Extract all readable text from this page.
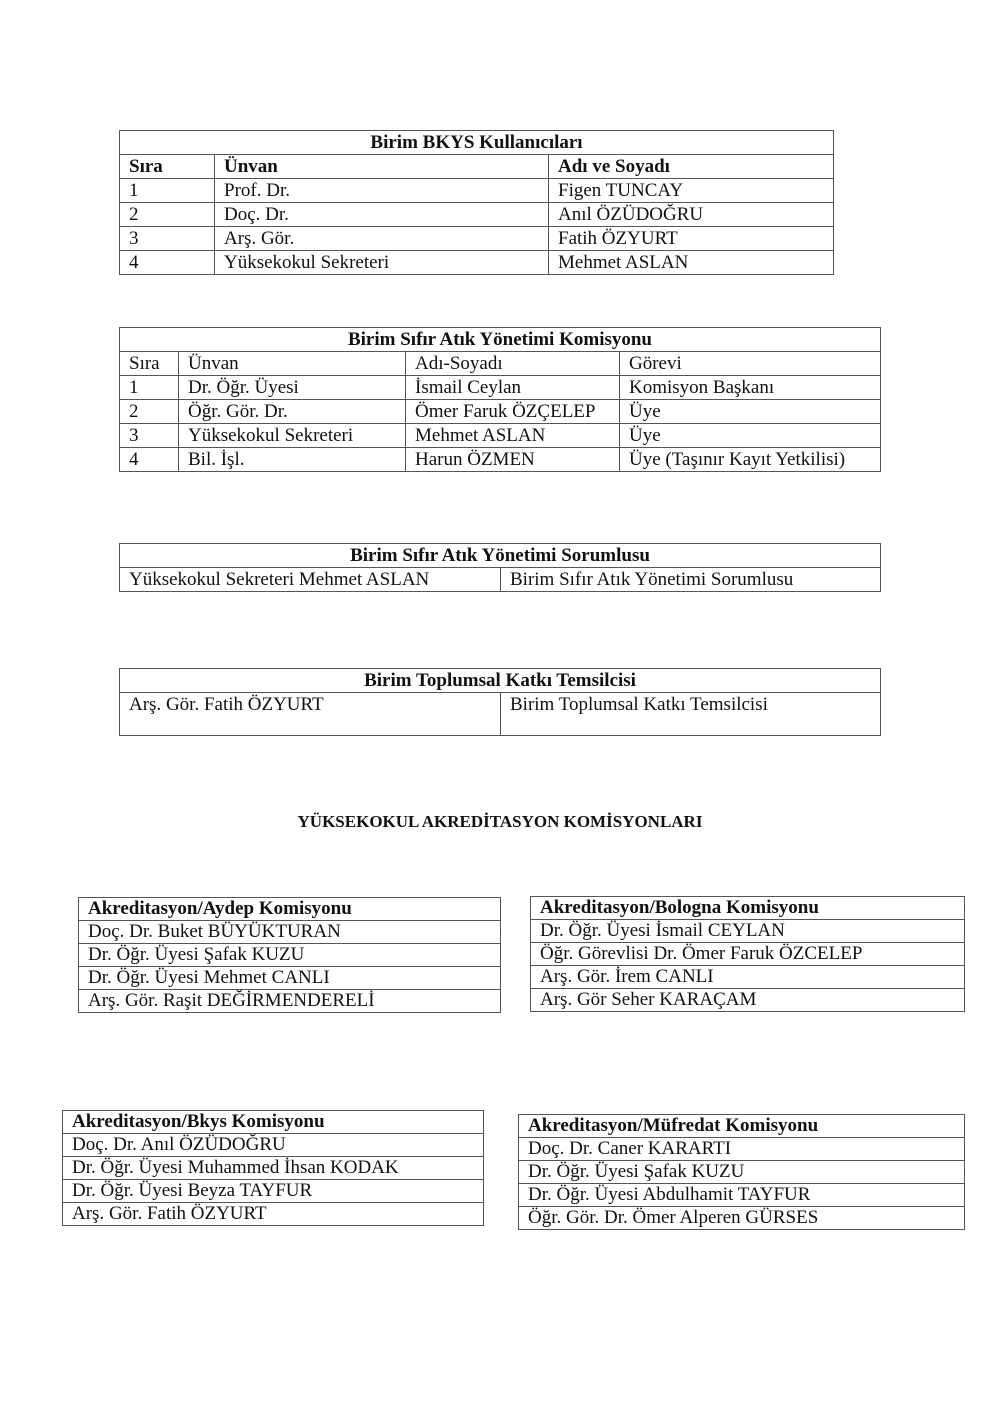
Birim BKYS Kullanıcıları		
Sıra	Ünvan	Adı ve Soyadı
1	Prof. Dr.	Figen TUNCAY
2	Doç. Dr.	Anıl ÖZÜDOĞRU
3	Arş. Gör.	Fatih ÖZYURT
4	Yüksekokul Sekreteri	Mehmet ASLAN
Birim Sıfır Atık Yönetimi Komisyonu			
Sıra	Ünvan	Adı-Soyadı	Görevi
1	Dr. Öğr. Üyesi	İsmail Ceylan	Komisyon Başkanı
2	Öğr. Gör. Dr.	Ömer Faruk ÖZÇELEP	Üye
3	Yüksekokul Sekreteri	Mehmet ASLAN	Üye
4	Bil. İşl.	Harun ÖZMEN	Üye (Taşınır Kayıt Yetkilisi)
Birim Sıfır Atık Yönetimi Sorumlusu
Yüksekokul Sekreteri Mehmet ASLAN	Birim Sıfır Atık Yönetimi Sorumlusu
Birim Toplumsal Katkı Temsilcisi
Arş. Gör. Fatih ÖZYURT	Birim Toplumsal Katkı Temsilcisi
YÜKSEKOKUL AKREDİTASYON KOMİSYONLARI
Akreditasyon/Aydep Komisyonu
Doç. Dr. Buket BÜYÜKTURAN
Dr. Öğr. Üyesi Şafak KUZU
Dr. Öğr. Üyesi Mehmet CANLI
Arş. Gör. Raşit DEĞİRMENDERELİ
Akreditasyon/Bologna Komisyonu
Dr. Öğr. Üyesi İsmail CEYLAN
Öğr. Görevlisi Dr. Ömer Faruk ÖZCELEP
Arş. Gör. İrem CANLI
Arş. Gör Seher KARAÇAM
Akreditasyon/Bkys Komisyonu
Doç. Dr. Anıl ÖZÜDOĞRU
Dr. Öğr. Üyesi Muhammed İhsan KODAK
Dr. Öğr. Üyesi Beyza TAYFUR
Arş. Gör. Fatih ÖZYURT
Akreditasyon/Müfredat Komisyonu
Doç. Dr. Caner KARARTI
Dr. Öğr. Üyesi Şafak KUZU
Dr. Öğr. Üyesi Abdulhamit TAYFUR
Öğr. Gör. Dr. Ömer Alperen GÜRSES
